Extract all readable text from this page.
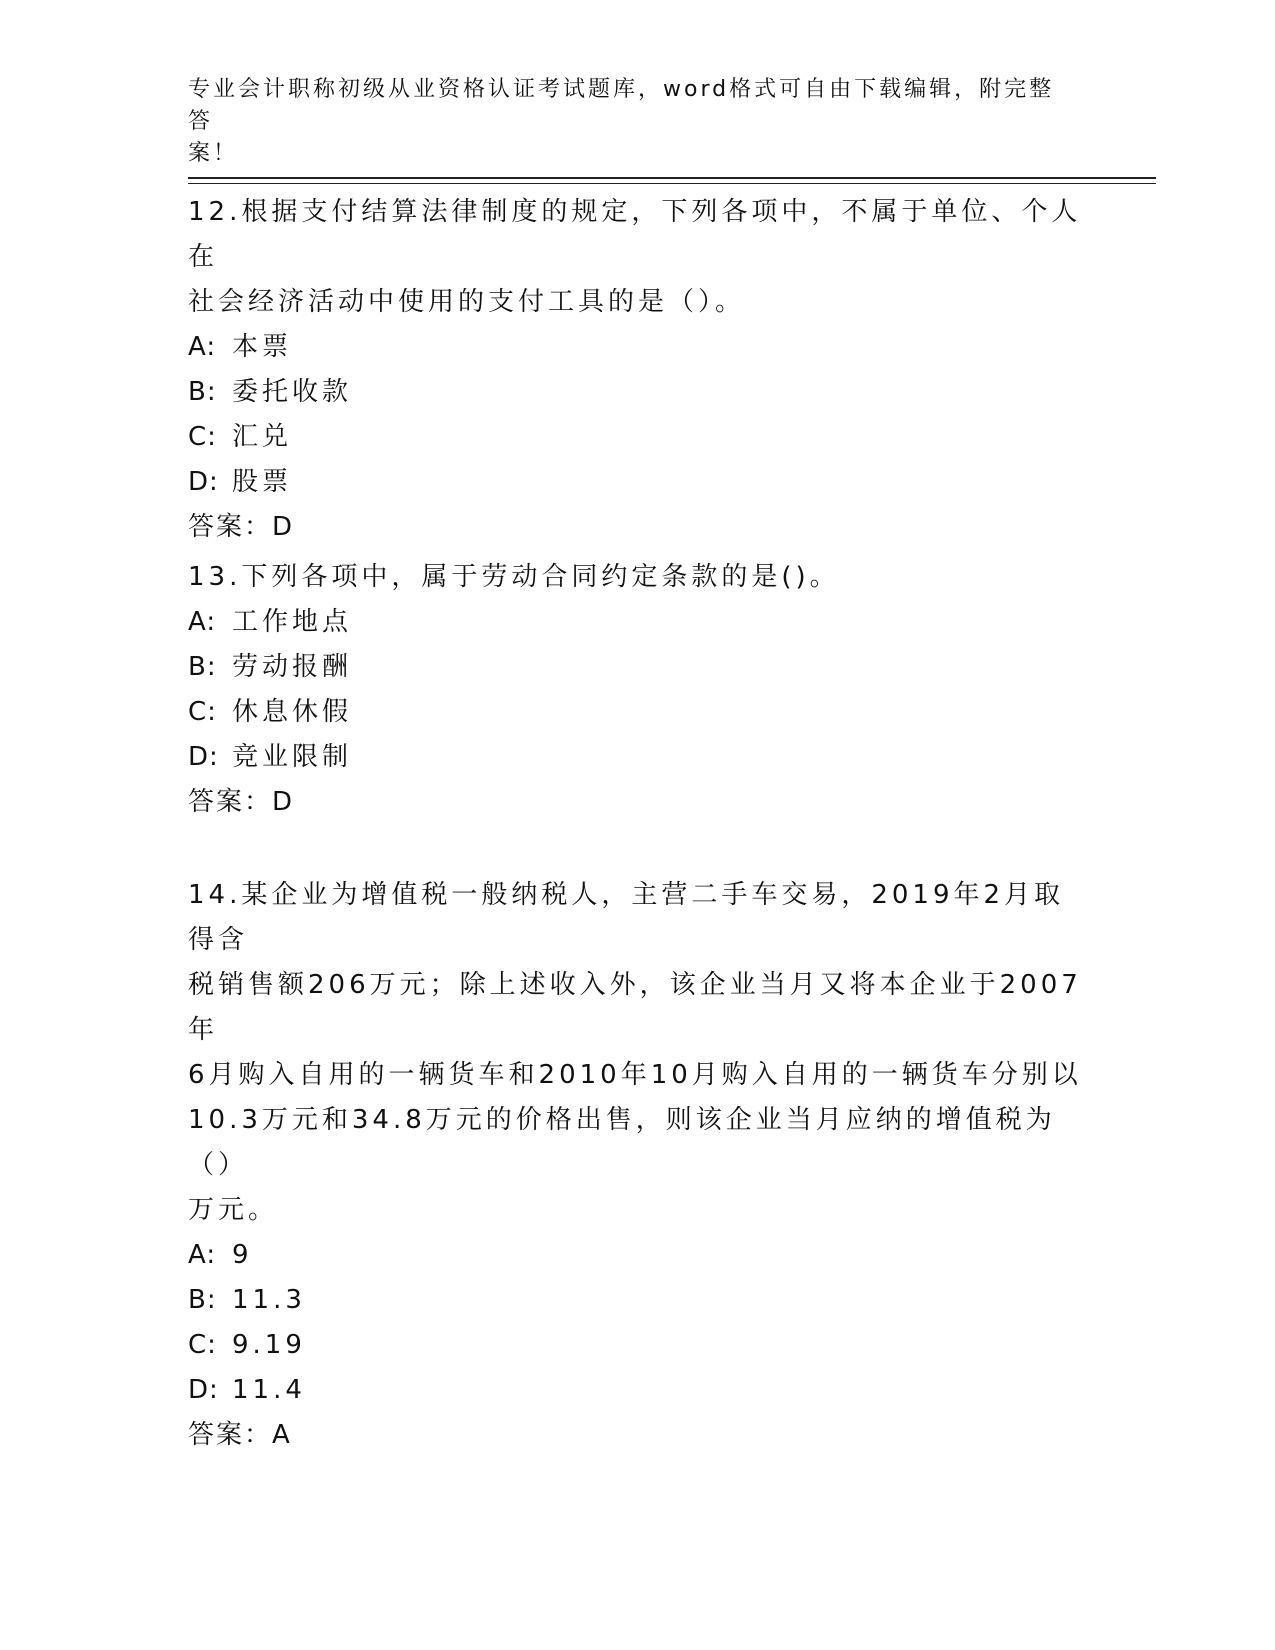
专业会计职称初级从业资格认证考试题库，word格式可自由下载编辑，附完整答
案！

12.根据支付结算法律制度的规定，下列各项中，不属于单位、个人在

社会经济活动中使用的支付工具的是（）。

A: 本票

B: 委托收款

C: 汇兑

D: 股票

答案：D

13.下列各项中，属于劳动合同约定条款的是()。

A: 工作地点

B: 劳动报酬

C: 休息休假

D: 竞业限制

答案：D

14.某企业为增值税一般纳税人，主营二手车交易，2019年2月取得含

税销售额206万元；除上述收入外，该企业当月又将本企业于2007年

6月购入自用的一辆货车和2010年10月购入自用的一辆货车分别以

10.3万元和34.8万元的价格出售，则该企业当月应纳的增值税为（）

万元。

A: 9

B: 11.3

C: 9.19

D: 11.4

答案：A
